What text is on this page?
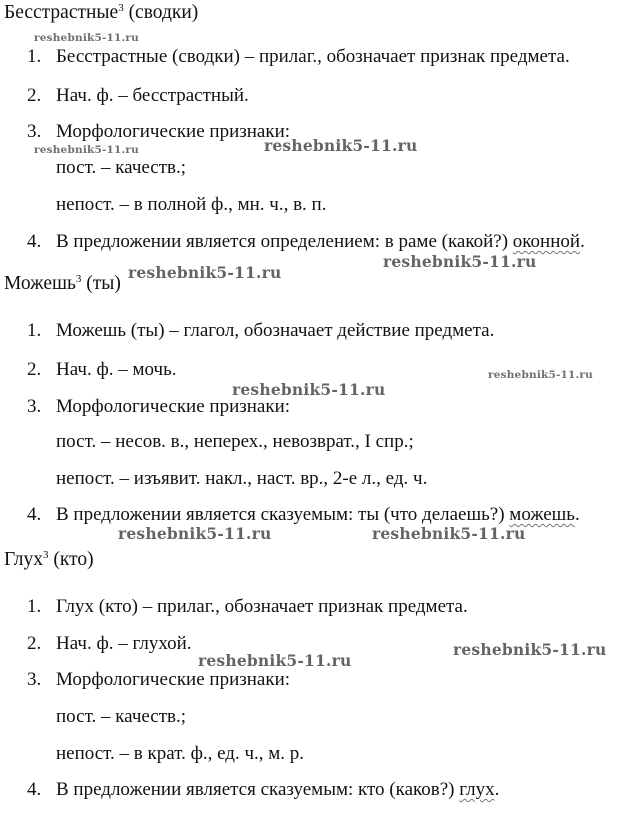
Бесстрастные$^3$ (сводки)
1. Бесстрастные (сводки) – прилаг., обозначает признак предмета.
2. Нач. ф. – бесстрастный.
3. Морфологические признаки:
пост. – качеств.;
непост. – в полной ф., мн. ч., в. п.
4. В предложении является определением: в раме (какой?) оконной.
Можешь$^3$ (ты)
1. Можешь (ты) – глагол, обозначает действие предмета.
2. Нач. ф. – мочь.
3. Морфологические признаки:
пост. – несов. в., неперех., невозврат., I спр.;
непост. – изъявит. накл., наст. вр., 2-е л., ед. ч.
4. В предложении является сказуемым: ты (что делаешь?) можешь.
Глух$^3$ (кто)
1. Глух (кто) – прилаг., обозначает признак предмета.
2. Нач. ф. – глухой.
3. Морфологические признаки:
пост. – качеств.;
непост. – в крат. ф., ед. ч., м. р.
4. В предложении является сказуемым: кто (каков?) глух.
reshebnik5-11.ru
reshebnik5-11.ru	reshebnik5-11.ru
reshebnik5-11.ru
reshebnik5-11.ru
reshebnik5-11.ru
reshebnik5-11.ru
reshebnik5-11.ru	reshebnik5-11.ru
reshebnik5-11.ru
reshebnik5-11.ru
